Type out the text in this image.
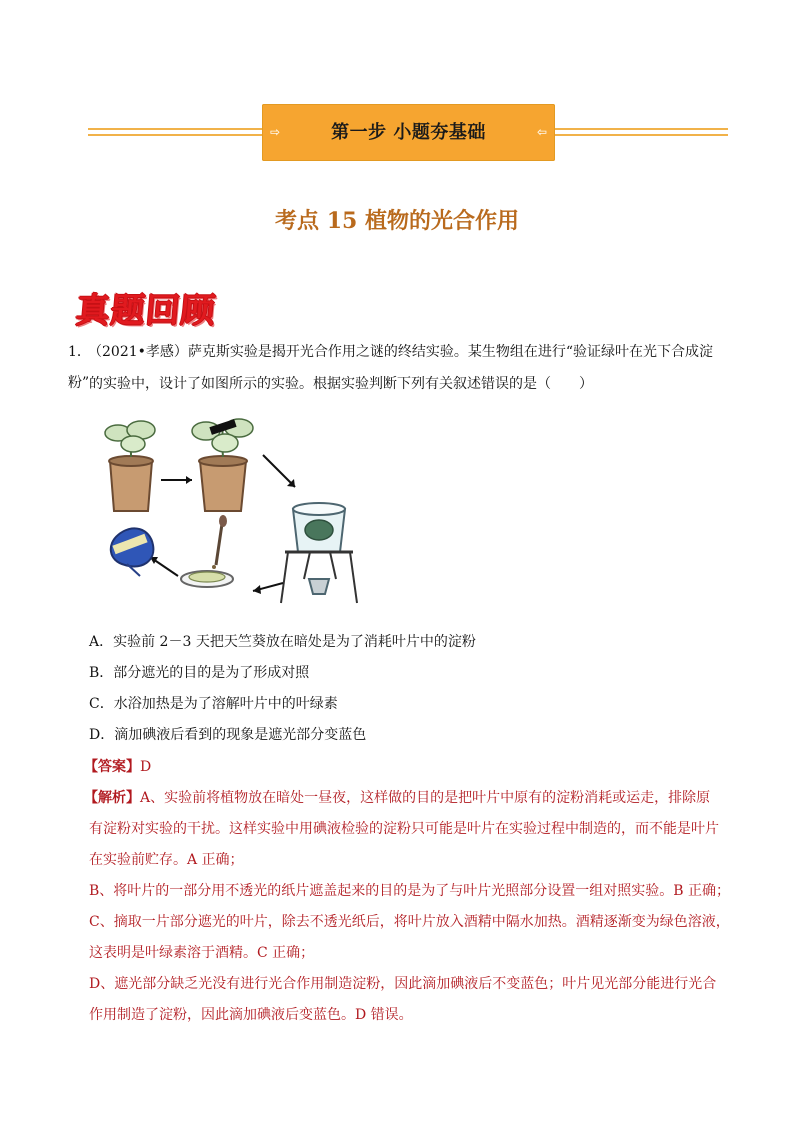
⇨	第一步 小题夯基础	⇦
考点 15 植物的光合作用
真题回顾
1．（2021•孝感）萨克斯实验是揭开光合作用之谜的终结实验。某生物组在进行“验证绿叶在光下合成淀粉” 的实验中，设计了如图所示的实验。根据实验判断下列有关叙述错误的是（　　）
A．实验前 2－3 天把天竺葵放在暗处是为了消耗叶片中的淀粉
B．部分遮光的目的是为了形成对照
C．水浴加热是为了溶解叶片中的叶绿素
D．滴加碘液后看到的现象是遮光部分变蓝色
【答案】D
【解析】A、实验前将植物放在暗处一昼夜，这样做的目的是把叶片中原有的淀粉消耗或运走，排除原
有淀粉对实验的干扰。这样实验中用碘液检验的淀粉只可能是叶片在实验过程中制造的，而不能是叶片
在实验前贮存。A 正确；
B、将叶片的一部分用不透光的纸片遮盖起来的目的是为了与叶片光照部分设置一组对照实验。B 正确；
C、摘取一片部分遮光的叶片，除去不透光纸后，将叶片放入酒精中隔水加热。酒精逐渐变为绿色溶液，
这表明是叶绿素溶于酒精。C 正确；
D、遮光部分缺乏光没有进行光合作用制造淀粉，因此滴加碘液后不变蓝色；叶片见光部分能进行光合
作用制造了淀粉，因此滴加碘液后变蓝色。D 错误。
